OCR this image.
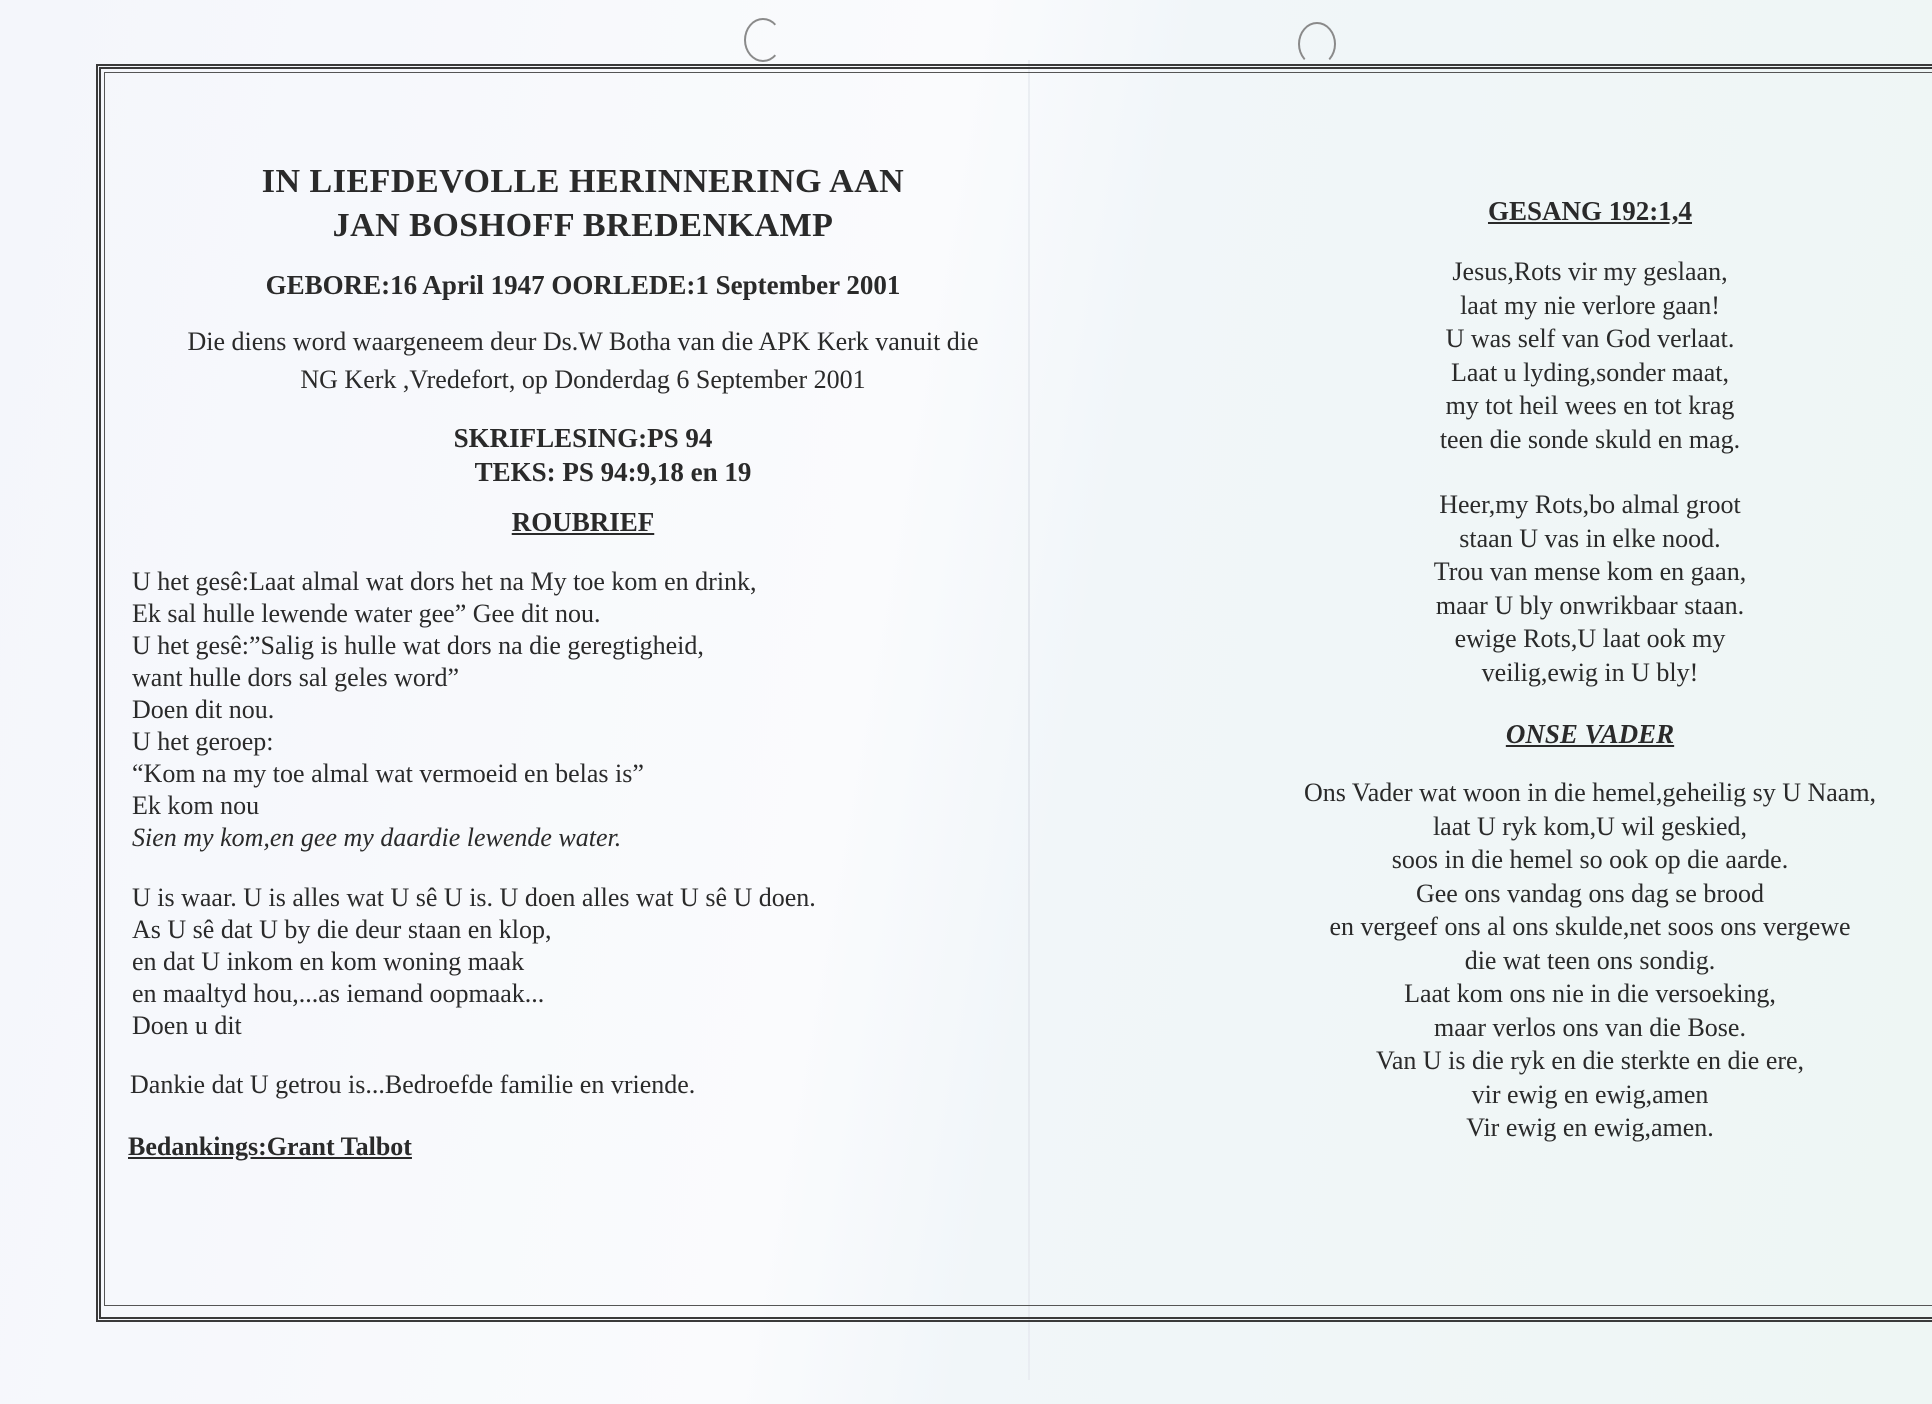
IN LIEFDEVOLLE HERINNERING AAN
JAN BOSHOFF BREDENKAMP
GEBORE:16 April 1947 OORLEDE:1 September 2001
Die diens word waargeneem deur Ds.W Botha van die APK Kerk vanuit die
NG Kerk ,Vredefort, op Donderdag 6 September 2001
SKRIFLESING:PS 94
TEKS: PS 94:9,18 en 19
ROUBRIEF
U het gesê:Laat almal wat dors het na My toe kom en drink,
Ek sal hulle lewende water gee” Gee dit nou.
U het gesê:”Salig is hulle wat dors na die geregtigheid,
want hulle dors sal geles word”
Doen dit nou.
U het geroep:
“Kom na my toe almal wat vermoeid en belas is”
Ek kom nou
Sien my kom,en gee my daardie lewende water.
U is waar. U is alles wat U sê U is. U doen alles wat U sê U doen.
As U sê dat U by die deur staan en klop,
en dat U inkom en kom woning maak
en maaltyd hou,...as iemand oopmaak...
Doen u dit
Dankie dat U getrou is...Bedroefde familie en vriende.
Bedankings:Grant Talbot
GESANG 192:1,4
Jesus,Rots vir my geslaan,
laat my nie verlore gaan!
U was self van God verlaat.
Laat u lyding,sonder maat,
my tot heil wees en tot krag
teen die sonde skuld en mag.
Heer,my Rots,bo almal groot
staan U vas in elke nood.
Trou van mense kom en gaan,
maar U bly onwrikbaar staan.
ewige Rots,U laat ook my
veilig,ewig in U bly!
ONSE VADER
Ons Vader wat woon in die hemel,geheilig sy U Naam,
laat U ryk kom,U wil geskied,
soos in die hemel so ook op die aarde.
Gee ons vandag ons dag se brood
en vergeef ons al ons skulde,net soos ons vergewe
die wat teen ons sondig.
Laat kom ons nie in die versoeking,
maar verlos ons van die Bose.
Van U is die ryk en die sterkte en die ere,
vir ewig en ewig,amen
Vir ewig en ewig,amen.
